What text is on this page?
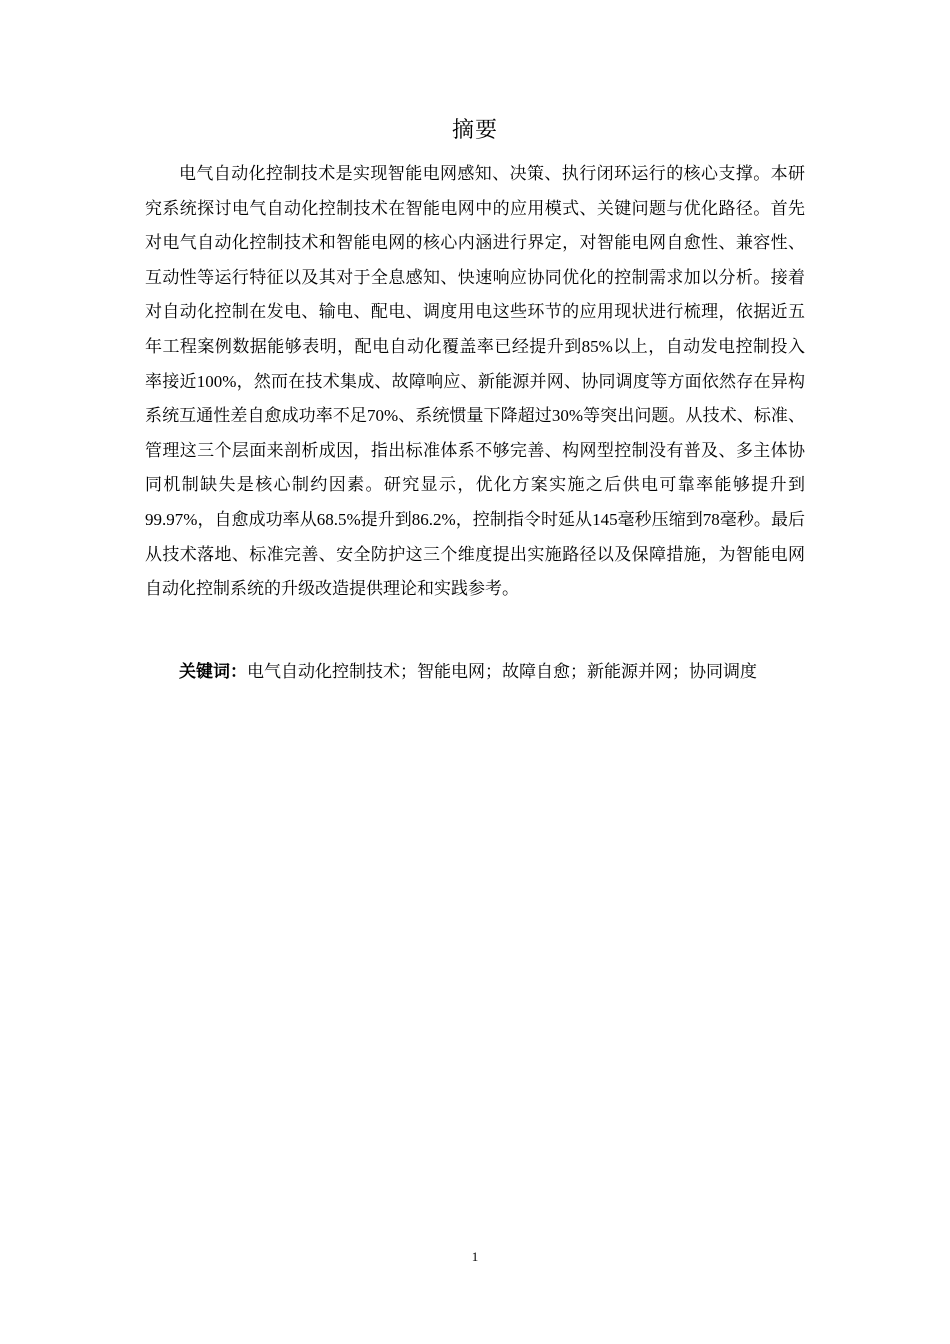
摘要

电气自动化控制技术是实现智能电网感知、决策、执行闭环运行的核心支撑。本研究系统探讨电气自动化控制技术在智能电网中的应用模式、关键问题与优化路径。首先对电气自动化控制技术和智能电网的核心内涵进行界定，对智能电网自愈性、兼容性、互动性等运行特征以及其对于全息感知、快速响应协同优化的控制需求加以分析。接着对自动化控制在发电、输电、配电、调度用电这些环节的应用现状进行梳理，依据近五年工程案例数据能够表明，配电自动化覆盖率已经提升到85%以上，自动发电控制投入率接近100%，然而在技术集成、故障响应、新能源并网、协同调度等方面依然存在异构系统互通性差自愈成功率不足70%、系统惯量下降超过30%等突出问题。从技术、标准、管理这三个层面来剖析成因，指出标准体系不够完善、构网型控制没有普及、多主体协同机制缺失是核心制约因素。研究显示，优化方案实施之后供电可靠率能够提升到99.97%，自愈成功率从68.5%提升到86.2%，控制指令时延从145毫秒压缩到78毫秒。最后从技术落地、标准完善、安全防护这三个维度提出实施路径以及保障措施，为智能电网自动化控制系统的升级改造提供理论和实践参考。

关键词：电气自动化控制技术；智能电网；故障自愈；新能源并网；协同调度

1
